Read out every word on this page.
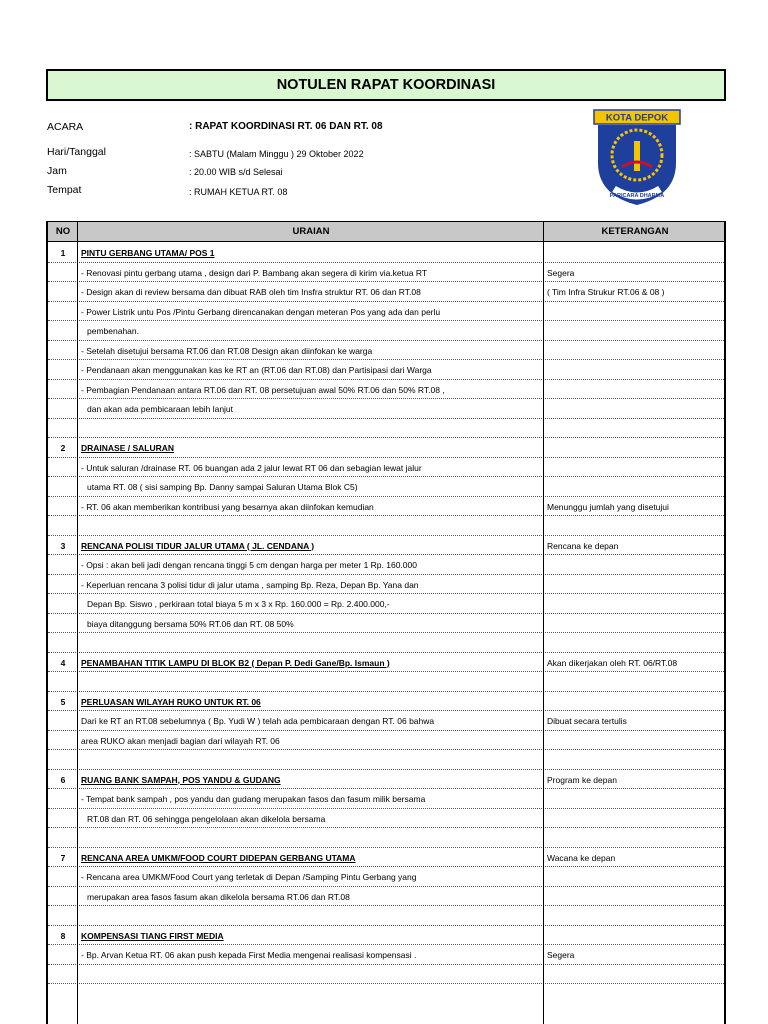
NOTULEN RAPAT KOORDINASI
ACARA	: RAPAT KOORDINASI RT. 06 DAN RT. 08
Hari/Tanggal	: SABTU (Malam Minggu ) 29 Oktober 2022
Jam	: 20.00 WIB s/d Selesai
Tempat	: RUMAH KETUA RT. 08
KOTA DEPOK
PARICARA DHARMA
NO	URAIAN	KETERANGAN
1	PINTU GERBANG UTAMA/ POS 1
- Renovasi pintu gerbang utama , design dari P. Bambang akan segera di kirim via.ketua RT	Segera
- Design akan di review bersama dan dibuat RAB oleh tim Insfra struktur RT. 06 dan RT.08	( Tim Infra Strukur RT.06 & 08 )
- Power Listrik untu Pos /Pintu Gerbang direncanakan dengan meteran Pos yang ada dan perlu
pembenahan.
- Setelah disetujui bersama RT.06 dan RT.08 Design akan diinfokan ke warga
- Pendanaan akan menggunakan kas ke RT an (RT.06 dan RT.08) dan Partisipasi dari Warga
- Pembagian Pendanaan antara RT.06 dan RT. 08 persetujuan awal 50% RT.06 dan 50% RT.08 ,
dan akan ada pembicaraan lebih lanjut
2	DRAINASE / SALURAN
- Untuk saluran /drainase RT. 06 buangan ada 2 jalur lewat RT 06 dan sebagian lewat jalur
utama RT. 08 ( sisi samping Bp. Danny sampai Saluran Utama Blok C5)
- RT. 06 akan memberikan kontribusi yang besarnya akan diinfokan kemudian	Menunggu jumlah yang disetujui
3	RENCANA POLISI TIDUR JALUR UTAMA ( JL. CENDANA )	Rencana ke depan
- Opsi : akan beli jadi dengan rencana tinggi 5 cm dengan harga per meter 1 Rp. 160.000
- Keperluan rencana 3 polisi tidur di jalur utama , samping Bp. Reza, Depan Bp. Yana dan
Depan Bp. Siswo , perkiraan total biaya 5 m x 3 x Rp. 160.000 = Rp. 2.400.000,-
biaya ditanggung bersama 50% RT.06 dan RT. 08 50%
4	PENAMBAHAN TITIK LAMPU DI BLOK B2 ( Depan P. Dedi Gane/Bp. Ismaun )	Akan dikerjakan oleh RT. 06/RT.08
5	PERLUASAN WILAYAH RUKO UNTUK RT. 06
Dari ke RT an RT.08 sebelumnya ( Bp. Yudi W ) telah ada pembicaraan dengan RT. 06 bahwa	Dibuat secara tertulis
area RUKO akan menjadi bagian dari wilayah RT. 06
6	RUANG BANK SAMPAH, POS YANDU & GUDANG	Program ke depan
- Tempat bank sampah , pos yandu dan gudang merupakan fasos dan fasum milik bersama
RT.08 dan RT. 06 sehingga pengelolaan akan dikelola bersama
7	RENCANA AREA UMKM/FOOD COURT DIDEPAN GERBANG UTAMA	Wacana ke depan
- Rencana area UMKM/Food Court yang terletak di Depan /Samping Pintu Gerbang yang
merupakan area fasos fasum akan dikelola bersama RT.06 dan RT.08
8	KOMPENSASI TIANG FIRST MEDIA
- Bp. Arvan Ketua RT. 06 akan push kepada First Media mengenai realisasi kompensasi .	Segera
